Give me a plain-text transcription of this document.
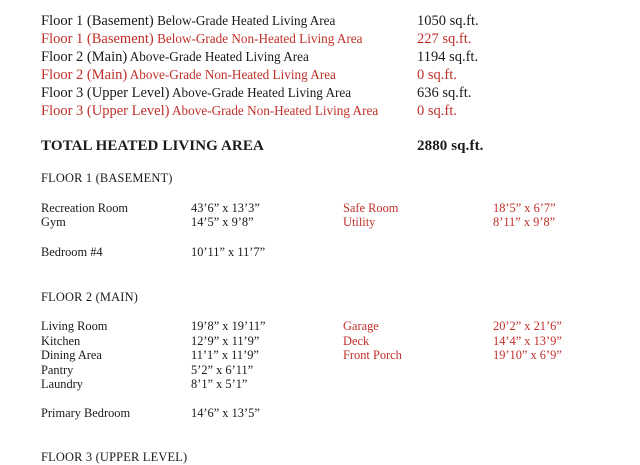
Floor 1 (Basement) Below-Grade Heated Living Area	1050 sq.ft.
Floor 1 (Basement) Below-Grade Non-Heated Living Area	227 sq.ft.
Floor 2 (Main) Above-Grade Heated Living Area	1194 sq.ft.
Floor 2 (Main) Above-Grade Non-Heated Living Area	0 sq.ft.
Floor 3 (Upper Level) Above-Grade Heated Living Area	636 sq.ft.
Floor 3 (Upper Level) Above-Grade Non-Heated Living Area	0 sq.ft.
TOTAL HEATED LIVING AREA	2880 sq.ft.
FLOOR 1 (BASEMENT)
Recreation Room	43’6” x 13’3”	Safe Room	18’5” x 6’7”
Gym	14’5” x 9’8”	Utility	8’11” x 9’8”
Bedroom #4	10’11” x 11’7”
FLOOR 2 (MAIN)
Living Room	19’8” x 19’11”	Garage	20’2” x 21’6”
Kitchen	12’9” x 11’9”	Deck	14’4” x 13’9”
Dining Area	11’1” x 11’9”	Front Porch	19’10” x 6’9”
Pantry	5’2” x 6’11”
Laundry	8’1” x 5’1”
Primary Bedroom	14’6” x 13’5”
FLOOR 3 (UPPER LEVEL)
